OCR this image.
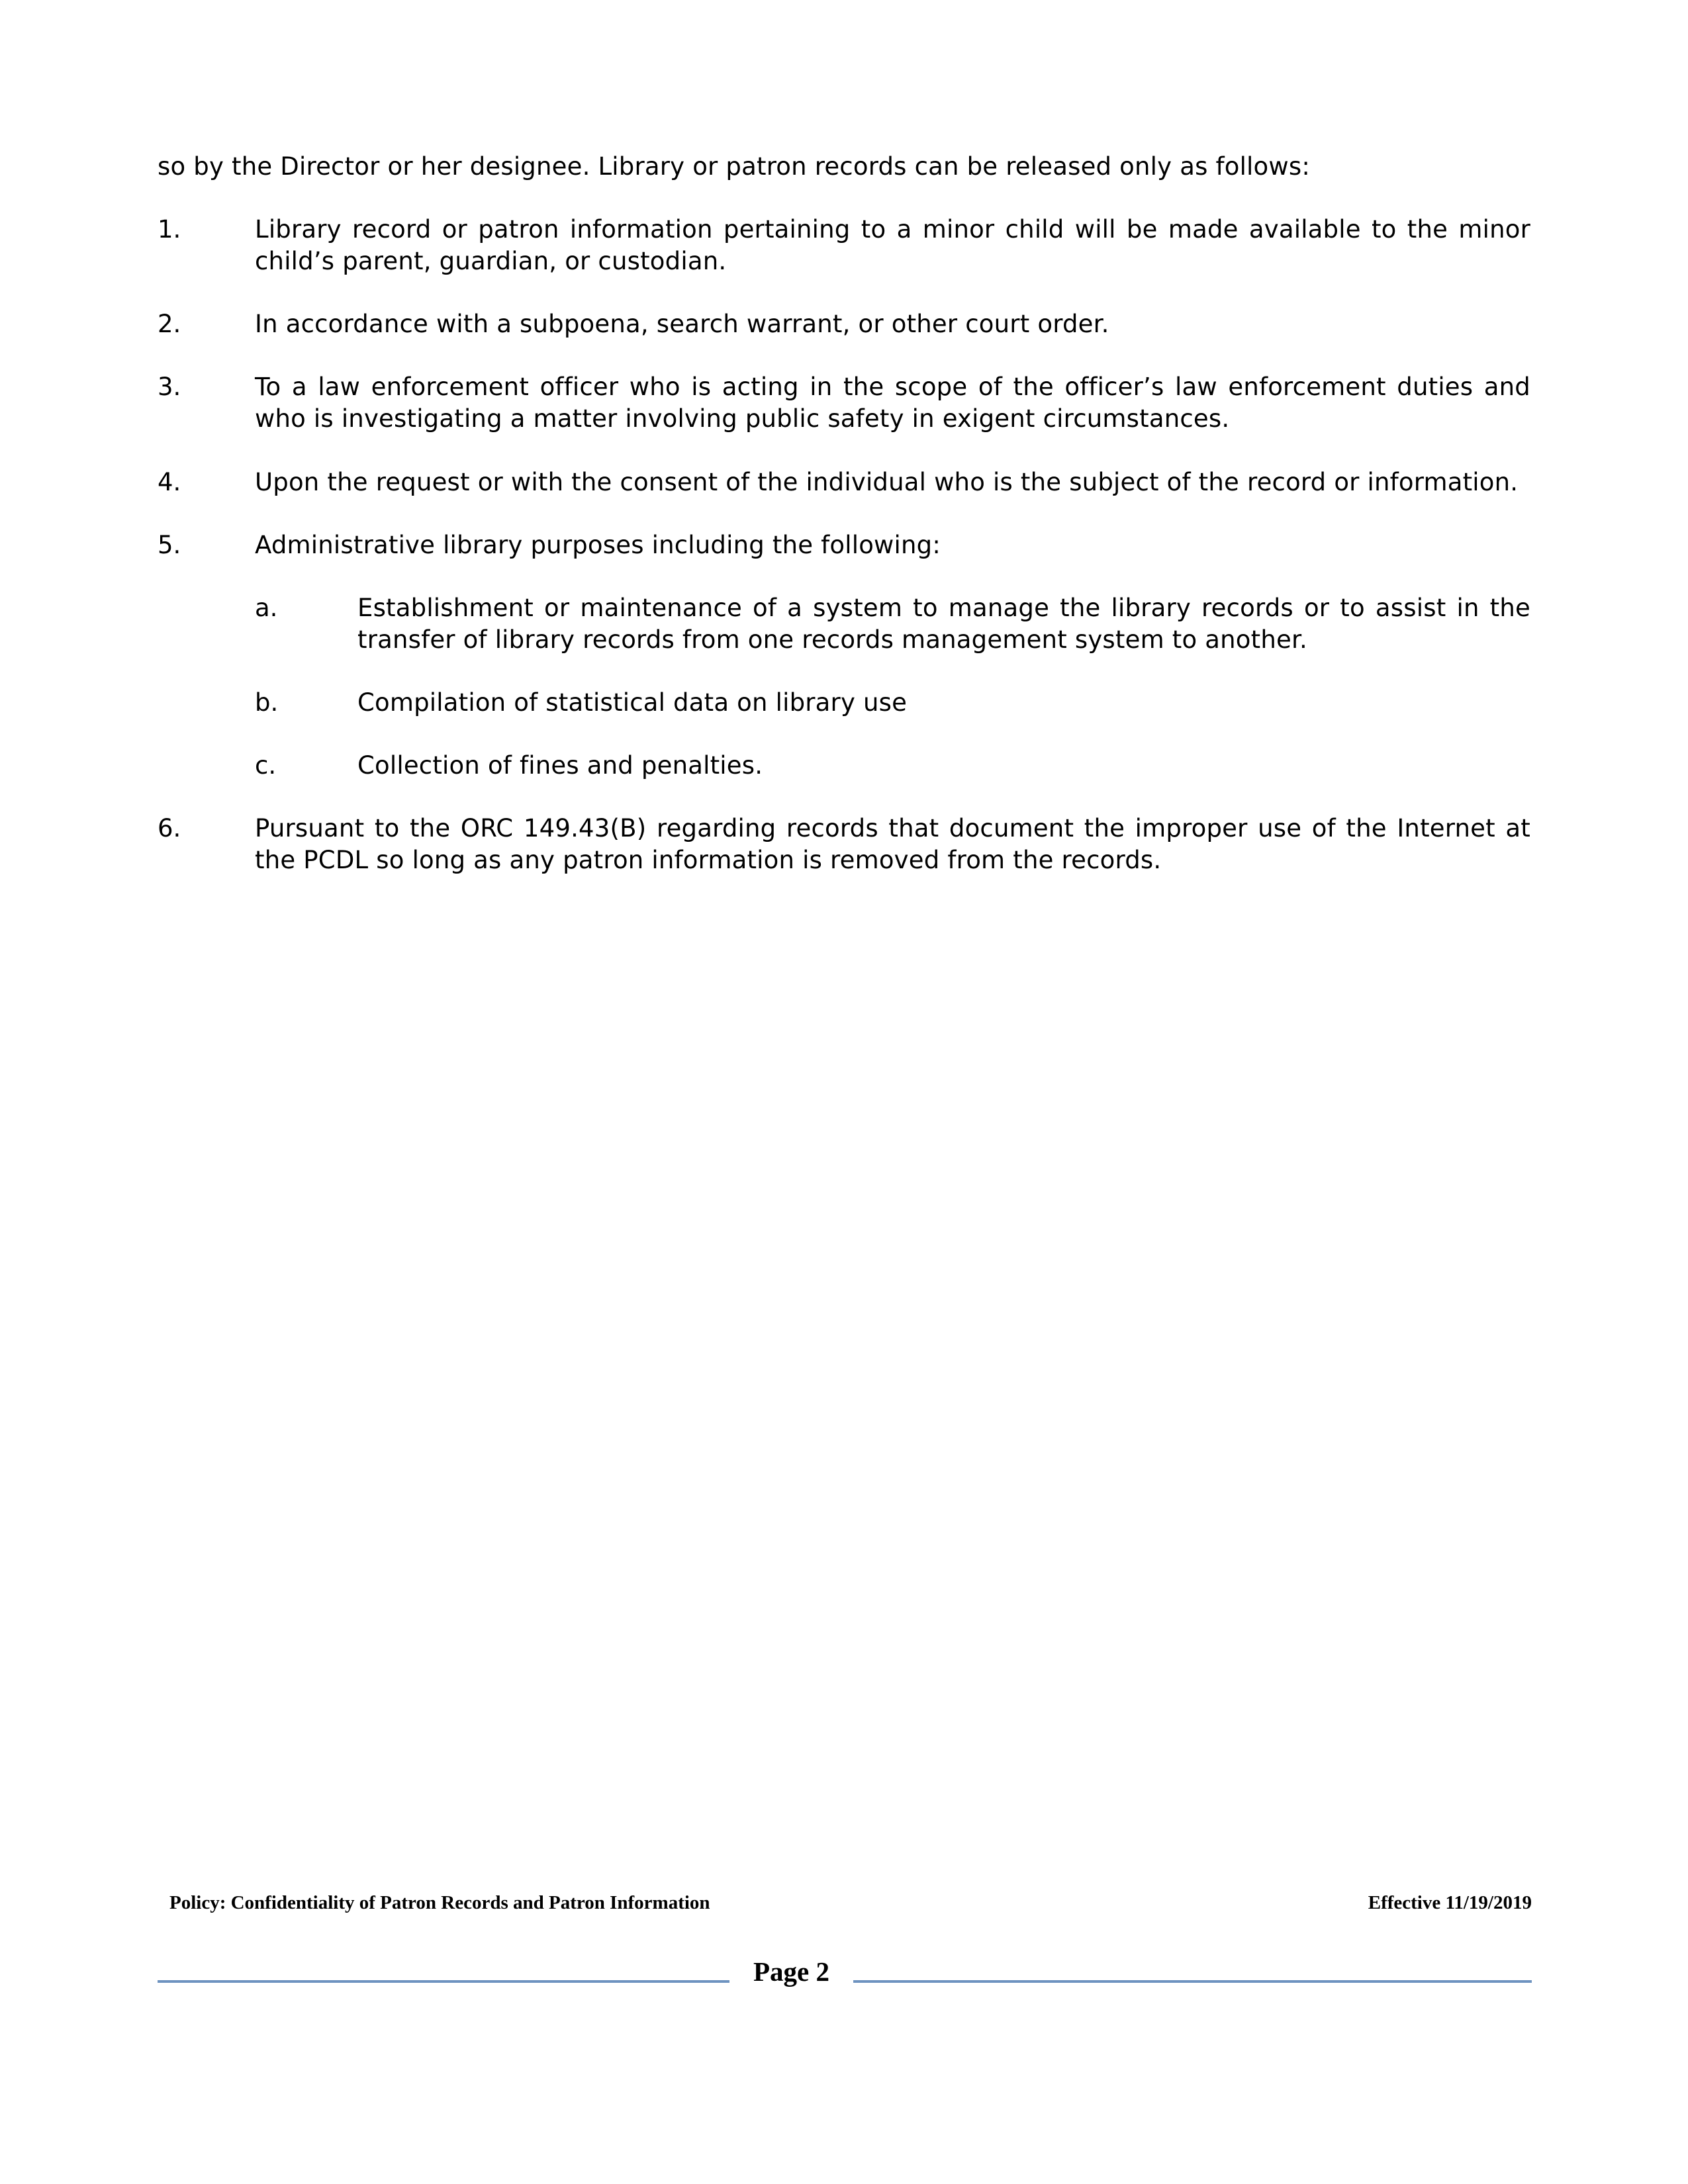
so by the Director or her designee. Library or patron records can be released only as follows:

1.	Library record or patron information pertaining to a minor child will be made available to the minor child’s parent, guardian, or custodian.
2.	In accordance with a subpoena, search warrant, or other court order.
3.	To a law enforcement officer who is acting in the scope of the officer’s law enforcement duties and who is investigating a matter involving public safety in exigent circumstances.
4.	Upon the request or with the consent of the individual who is the subject of the record or information.
5.	Administrative library purposes including the following:
a.	Establishment or maintenance of a system to manage the library records or to assist in the transfer of library records from one records management system to another.
b.	Compilation of statistical data on library use
c.	Collection of fines and penalties.
6.	Pursuant to the ORC 149.43(B) regarding records that document the improper use of the Internet at the PCDL so long as any patron information is removed from the records.
Policy: Confidentiality of Patron Records and Patron Information	Effective 11/19/2019
Page 2
